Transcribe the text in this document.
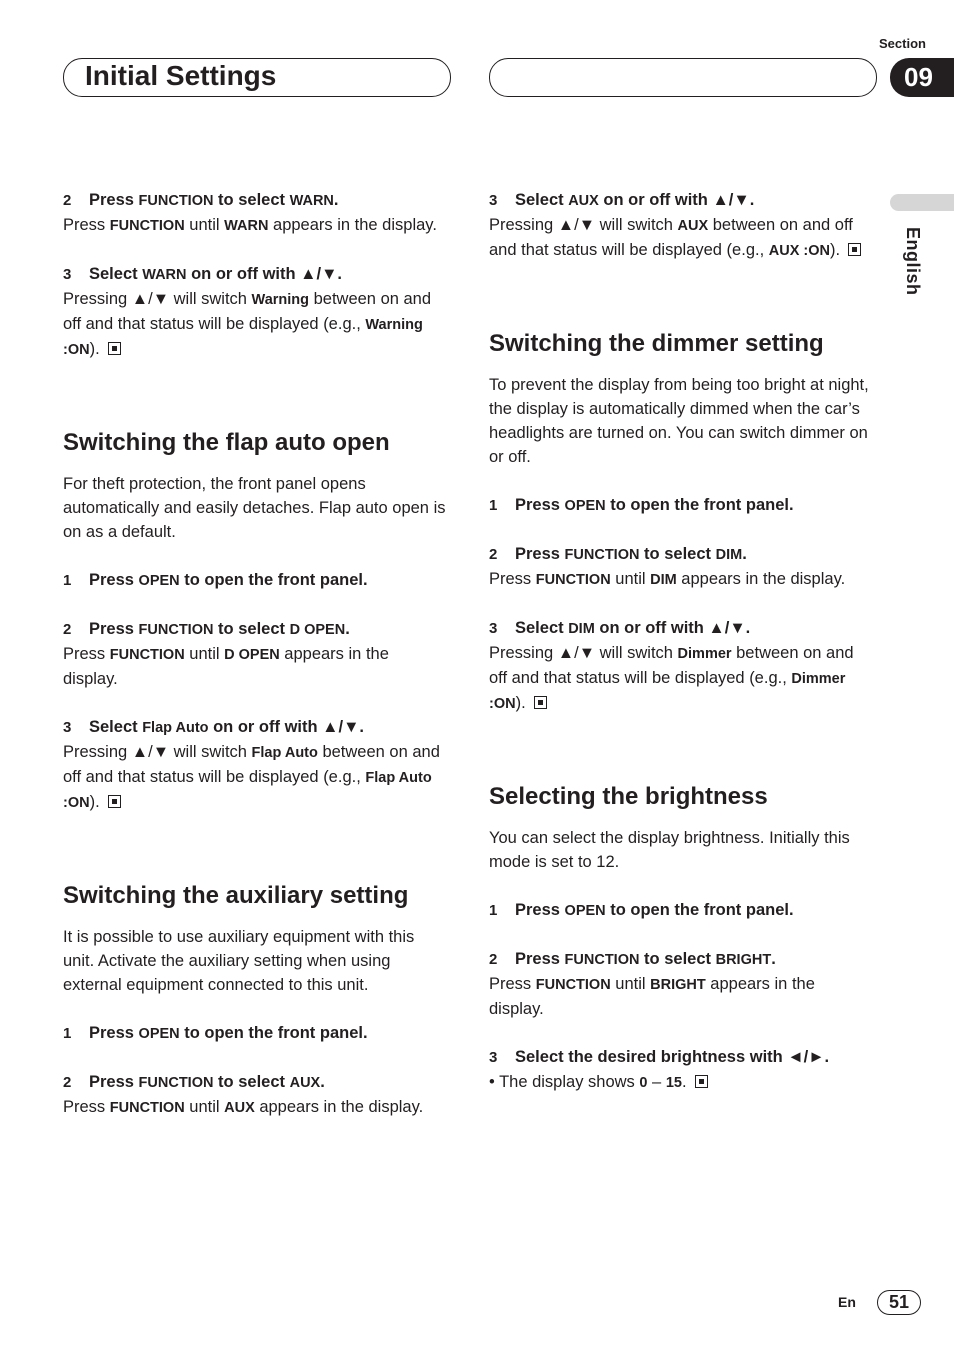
Initial Settings
Section
09
English

2 Press FUNCTION to select WARN.

Press FUNCTION until WARN appears in the display.

3 Select WARN on or off with ▲/▼.

Pressing ▲/▼ will switch Warning between on and off and that status will be displayed (e.g., Warning :ON).

Switching the flap auto open

For theft protection, the front panel opens automatically and easily detaches. Flap auto open is on as a default.

1 Press OPEN to open the front panel.

2 Press FUNCTION to select D OPEN.

Press FUNCTION until D OPEN appears in the display.

3 Select Flap Auto on or off with ▲/▼.

Pressing ▲/▼ will switch Flap Auto between on and off and that status will be displayed (e.g., Flap Auto :ON).

Switching the auxiliary setting

It is possible to use auxiliary equipment with this unit. Activate the auxiliary setting when using external equipment connected to this unit.

1 Press OPEN to open the front panel.

2 Press FUNCTION to select AUX.

Press FUNCTION until AUX appears in the display.

3 Select AUX on or off with ▲/▼.

Pressing ▲/▼ will switch AUX between on and off and that status will be displayed (e.g., AUX :ON).

Switching the dimmer setting

To prevent the display from being too bright at night, the display is automatically dimmed when the car’s headlights are turned on. You can switch dimmer on or off.

1 Press OPEN to open the front panel.

2 Press FUNCTION to select DIM.

Press FUNCTION until DIM appears in the display.

3 Select DIM on or off with ▲/▼.

Pressing ▲/▼ will switch Dimmer between on and off and that status will be displayed (e.g., Dimmer :ON).

Selecting the brightness

You can select the display brightness. Initially this mode is set to 12.

1 Press OPEN to open the front panel.

2 Press FUNCTION to select BRIGHT.

Press FUNCTION until BRIGHT appears in the display.

3 Select the desired brightness with ◄/►.

• The display shows 0 – 15.

En	51
